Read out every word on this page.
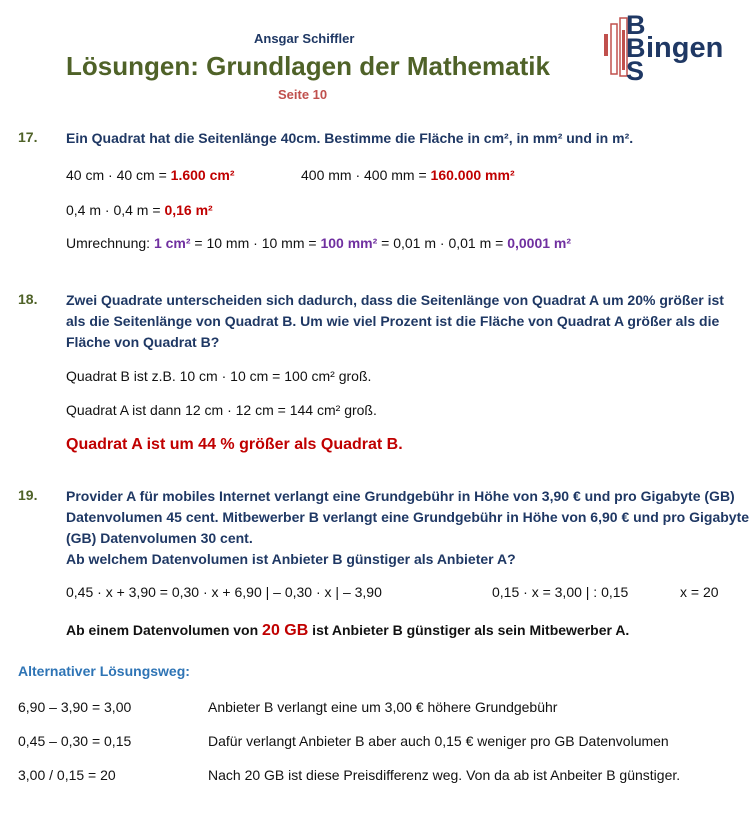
Ansgar Schiffler
Lösungen: Grundlagen der Mathematik
Seite 10
B
B
S
ingen
17. Ein Quadrat hat die Seitenlänge 40cm. Bestimme die Fläche in cm², in mm² und in m².
40 cm · 40 cm = 1.600 cm²	400 mm · 400 mm = 160.000 mm²
0,4 m · 0,4 m = 0,16 m²
Umrechnung: 1 cm² = 10 mm · 10 mm = 100 mm² = 0,01 m · 0,01 m = 0,0001 m²
18. Zwei Quadrate unterscheiden sich dadurch, dass die Seitenlänge von Quadrat A um 20% größer ist als die Seitenlänge von Quadrat B. Um wie viel Prozent ist die Fläche von Quadrat A größer als die Fläche von Quadrat B?
Quadrat B ist z.B. 10 cm · 10 cm = 100 cm² groß.
Quadrat A ist dann 12 cm · 12 cm = 144 cm² groß.
Quadrat A ist um 44 % größer als Quadrat B.
19. Provider A für mobiles Internet verlangt eine Grundgebühr in Höhe von 3,90 € und pro Gigabyte (GB) Datenvolumen 45 cent. Mitbewerber B verlangt eine Grundgebühr in Höhe von 6,90 € und pro Gigabyte (GB) Datenvolumen 30 cent.
Ab welchem Datenvolumen ist Anbieter B günstiger als Anbieter A?
0,45 · x + 3,90 = 0,30 · x + 6,90 | – 0,30 · x | – 3,90	0,15 · x = 3,00 | : 0,15	x = 20
Ab einem Datenvolumen von 20 GB ist Anbieter B günstiger als sein Mitbewerber A.
Alternativer Lösungsweg:
6,90 – 3,90 = 3,00	Anbieter B verlangt eine um 3,00 € höhere Grundgebühr
0,45 – 0,30 = 0,15	Dafür verlangt Anbieter B aber auch 0,15 € weniger pro GB Datenvolumen
3,00 / 0,15 = 20	Nach 20 GB ist diese Preisdifferenz weg. Von da ab ist Anbeiter B günstiger.
